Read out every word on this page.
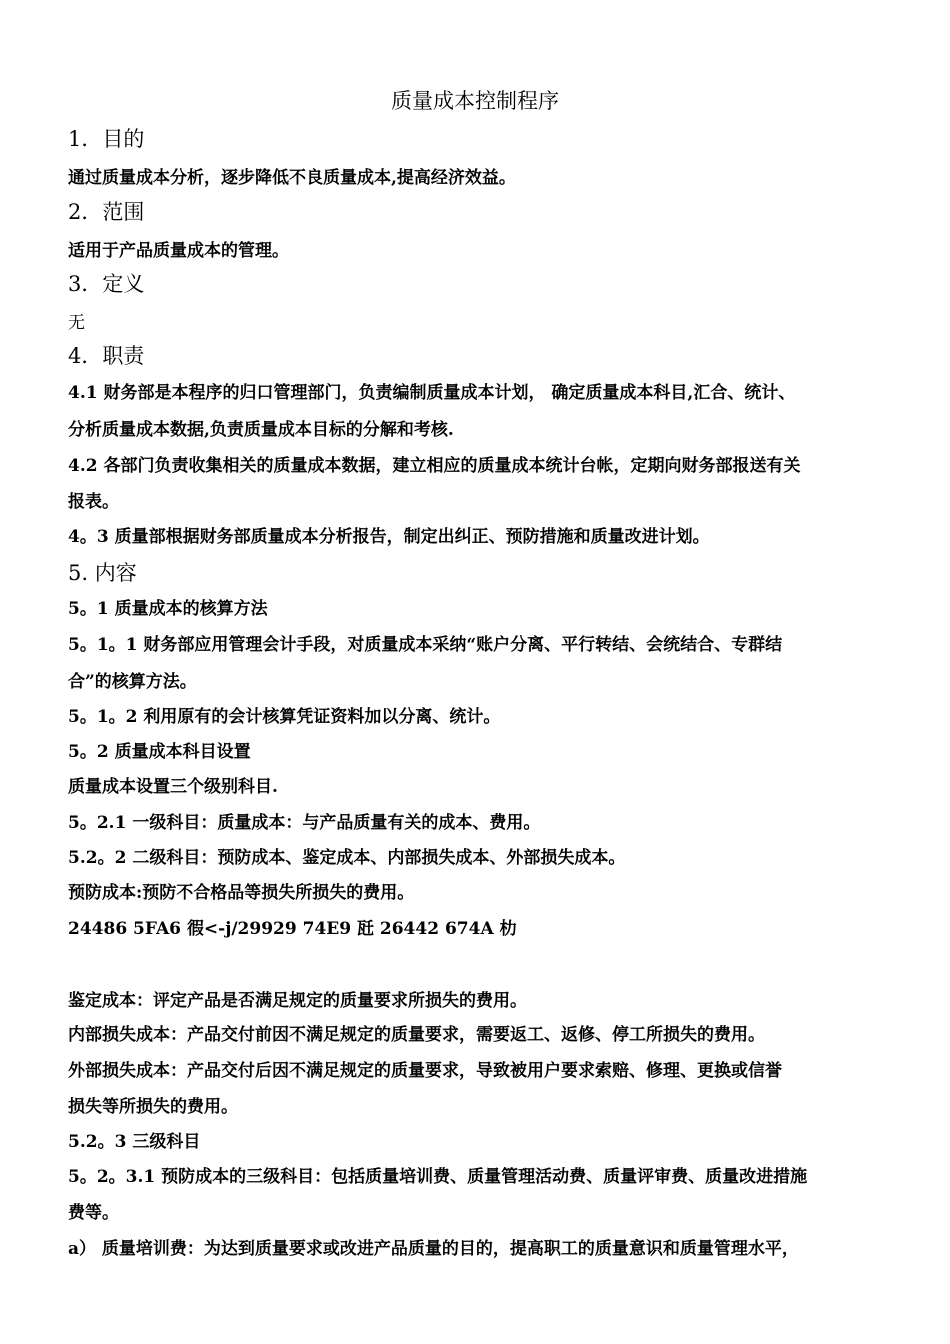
质量成本控制程序
1．目的
通过质量成本分析，逐步降低不良质量成本,提高经济效益。
2．范围
适用于产品质量成本的管理。
3．定义
无
4．职责
4.1 财务部是本程序的归口管理部门，负责编制质量成本计划， 确定质量成本科目,汇合、统计、
分析质量成本数据,负责质量成本目标的分解和考核.
4.2 各部门负责收集相关的质量成本数据，建立相应的质量成本统计台帐，定期向财务部报送有关
报表。
4。3 质量部根据财务部质量成本分析报告，制定出纠正、预防措施和质量改进计划。
5. 内容
5。1 质量成本的核算方法
5。1。1 财务部应用管理会计手段，对质量成本采纳“账户分离、平行转结、会统结合、专群结
合”的核算方法。
5。1。2 利用原有的会计核算凭证资料加以分离、统计。
5。2 质量成本科目设置
质量成本设置三个级别科目.
5。2.1 一级科目：质量成本：与产品质量有关的成本、费用。
5.2。2 二级科目：预防成本、鉴定成本、内部损失成本、外部损失成本。
预防成本:预防不合格品等损失所损失的费用。
24486 5FA6 徦<-j/29929 74E9 瓩 26442 674A 朸
鉴定成本：评定产品是否满足规定的质量要求所损失的费用。
内部损失成本：产品交付前因不满足规定的质量要求，需要返工、返修、停工所损失的费用。
外部损失成本：产品交付后因不满足规定的质量要求，导致被用户要求索赔、修理、更换或信誉
损失等所损失的费用。
5.2。3 三级科目
5。2。3.1 预防成本的三级科目：包括质量培训费、质量管理活动费、质量评审费、质量改进措施
费等。
a） 质量培训费：为达到质量要求或改进产品质量的目的，提高职工的质量意识和质量管理水平，
